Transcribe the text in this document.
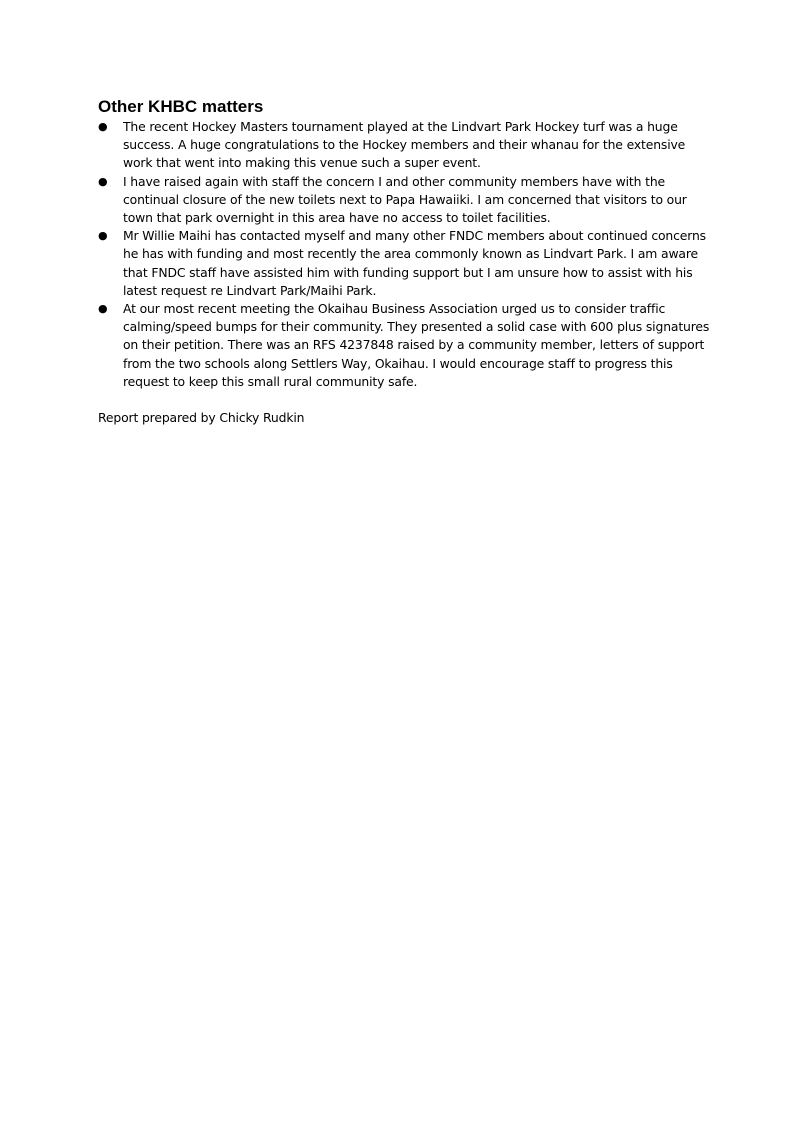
Other KHBC matters
● The recent Hockey Masters tournament played at the Lindvart Park Hockey turf was a huge success. A huge congratulations to the Hockey members and their whanau for the extensive work that went into making this venue such a super event.
● I have raised again with staff the concern I and other community members have with the continual closure of the new toilets next to Papa Hawaiiki. I am concerned that visitors to our town that park overnight in this area have no access to toilet facilities.
● Mr Willie Maihi has contacted myself and many other FNDC members about continued concerns he has with funding and most recently the area commonly known as Lindvart Park. I am aware that FNDC staff have assisted him with funding support but I am unsure how to assist with his latest request re Lindvart Park/Maihi Park.
● At our most recent meeting the Okaihau Business Association urged us to consider traffic calming/speed bumps for their community. They presented a solid case with 600 plus signatures on their petition. There was an RFS 4237848 raised by a community member, letters of support from the two schools along Settlers Way, Okaihau. I would encourage staff to progress this request to keep this small rural community safe.

Report prepared by Chicky Rudkin
